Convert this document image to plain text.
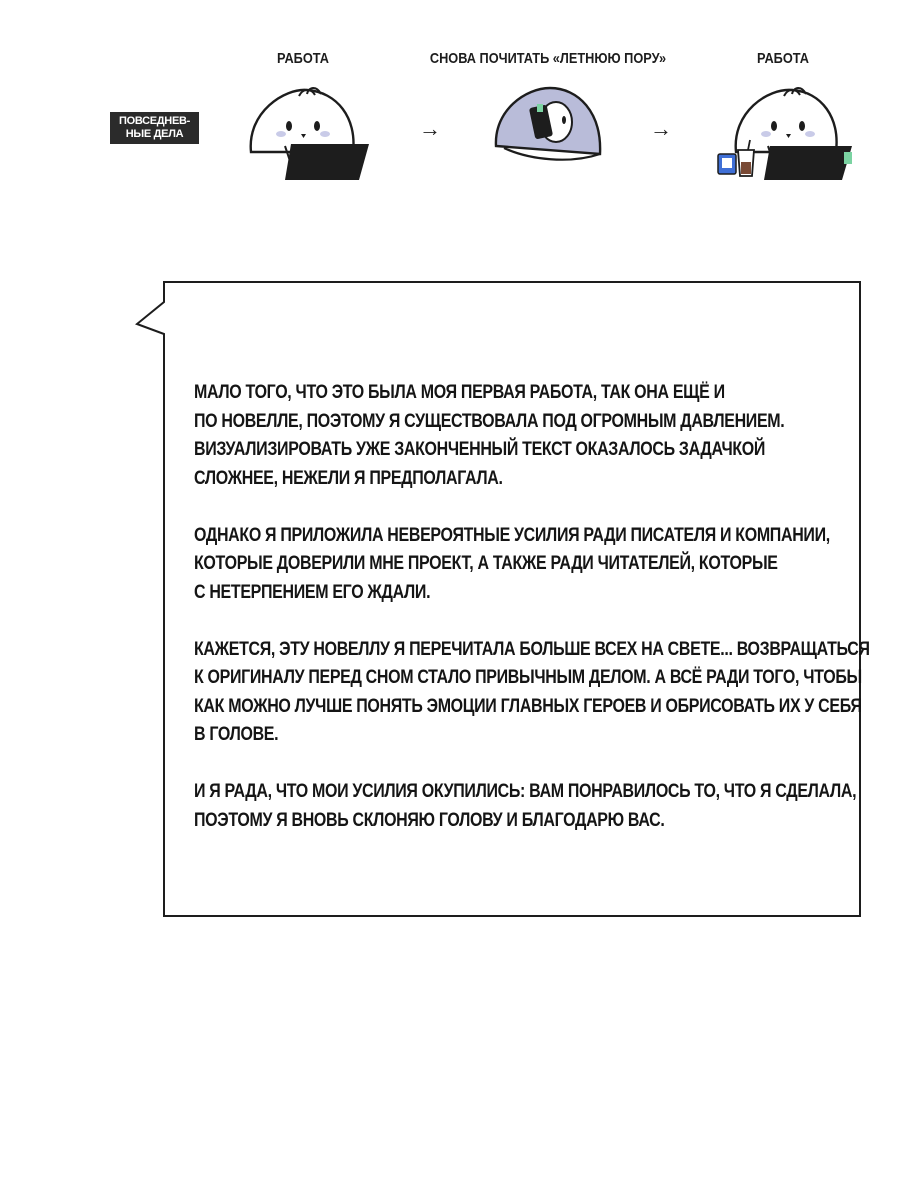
РАБОТА	СНОВА ПОЧИТАТЬ «ЛЕТНЮЮ ПОРУ»	РАБОТА
ПОВСЕДНЕВ-
НЫЕ ДЕЛА	→	→
МАЛО ТОГО, ЧТО ЭТО БЫЛА МОЯ ПЕРВАЯ РАБОТА, ТАК ОНА ЕЩЁ И
ПО НОВЕЛЛЕ, ПОЭТОМУ Я СУЩЕСТВОВАЛА ПОД ОГРОМНЫМ ДАВЛЕНИЕМ.
ВИЗУАЛИЗИРОВАТЬ УЖЕ ЗАКОНЧЕННЫЙ ТЕКСТ ОКАЗАЛОСЬ ЗАДАЧКОЙ
СЛОЖНЕЕ, НЕЖЕЛИ Я ПРЕДПОЛАГАЛА.
ОДНАКО Я ПРИЛОЖИЛА НЕВЕРОЯТНЫЕ УСИЛИЯ РАДИ ПИСАТЕЛЯ И КОМПАНИИ,
КОТОРЫЕ ДОВЕРИЛИ МНЕ ПРОЕКТ, А ТАКЖЕ РАДИ ЧИТАТЕЛЕЙ, КОТОРЫЕ
С НЕТЕРПЕНИЕМ ЕГО ЖДАЛИ.
КАЖЕТСЯ, ЭТУ НОВЕЛЛУ Я ПЕРЕЧИТАЛА БОЛЬШЕ ВСЕХ НА СВЕТЕ... ВОЗВРАЩАТЬСЯ
К ОРИГИНАЛУ ПЕРЕД СНОМ СТАЛО ПРИВЫЧНЫМ ДЕЛОМ. А ВСЁ РАДИ ТОГО, ЧТОБЫ
КАК МОЖНО ЛУЧШЕ ПОНЯТЬ ЭМОЦИИ ГЛАВНЫХ ГЕРОЕВ И ОБРИСОВАТЬ ИХ У СЕБЯ
В ГОЛОВЕ.
И Я РАДА, ЧТО МОИ УСИЛИЯ ОКУПИЛИСЬ: ВАМ ПОНРАВИЛОСЬ ТО, ЧТО Я СДЕЛАЛА,
ПОЭТОМУ Я ВНОВЬ СКЛОНЯЮ ГОЛОВУ И БЛАГОДАРЮ ВАС.
